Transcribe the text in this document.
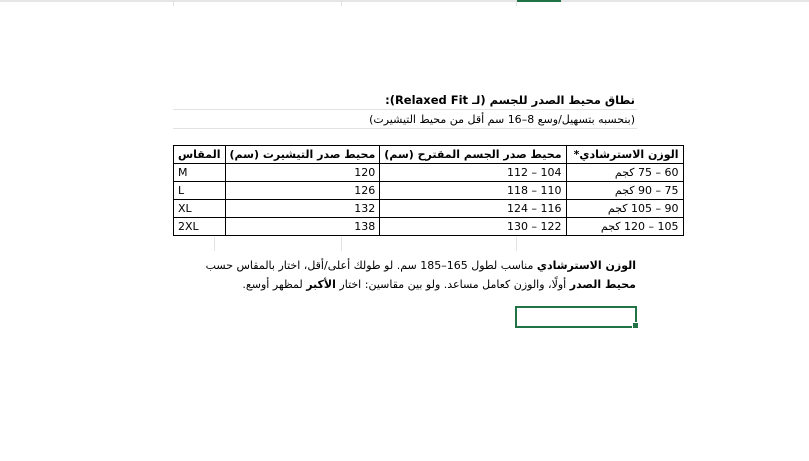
نطاق محيط الصدر للجسم (لـ Relaxed Fit):
(بنحسبه بتسهيل/وسع 8–16 سم أقل من محيط التيشيرت)
المقاس	محيط صدر التيشيرت (سم)	محيط صدر الجسم المقترح (سم)	الوزن الاسترشادي*
M	120	104 – 112	60 – 75 كجم
L	126	110 – 118	75 – 90 كجم
XL	132	116 – 124	90 – 105 كجم
2XL	138	122 – 130	105 – 120 كجم
الوزن الاسترشادي مناسب لطول 165–185 سم. لو طولك أعلى/أقل، اختار بالمقاس حسب محيط الصدر أولًا، والوزن كعامل مساعد. ولو بين مقاسين: اختار الأكبر لمظهر أوسع.
